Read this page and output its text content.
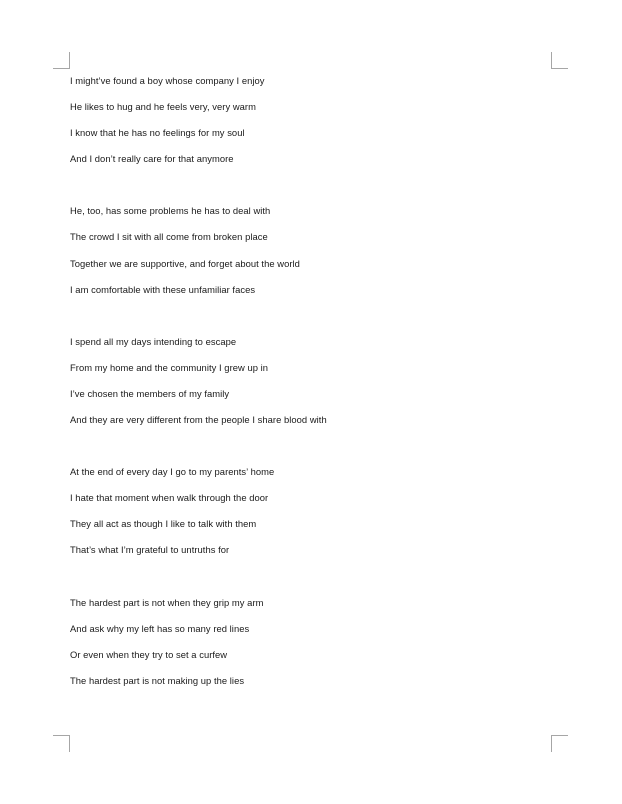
I might’ve found a boy whose company I enjoy
He likes to hug and he feels very, very warm
I know that he has no feelings for my soul
And I don’t really care for that anymore
He, too, has some problems he has to deal with
The crowd I sit with all come from broken place
Together we are supportive, and forget about the world
I am comfortable with these unfamiliar faces
I spend all my days intending to escape
From my home and the community I grew up in
I’ve chosen the members of my family
And they are very different from the people I share blood with
At the end of every day I go to my parents’ home
I hate that moment when walk through the door
They all act as though I like to talk with them
That’s what I’m grateful to untruths for
The hardest part is not when they grip my arm
And ask why my left has so many red lines
Or even when they try to set a curfew
The hardest part is not making up the lies
